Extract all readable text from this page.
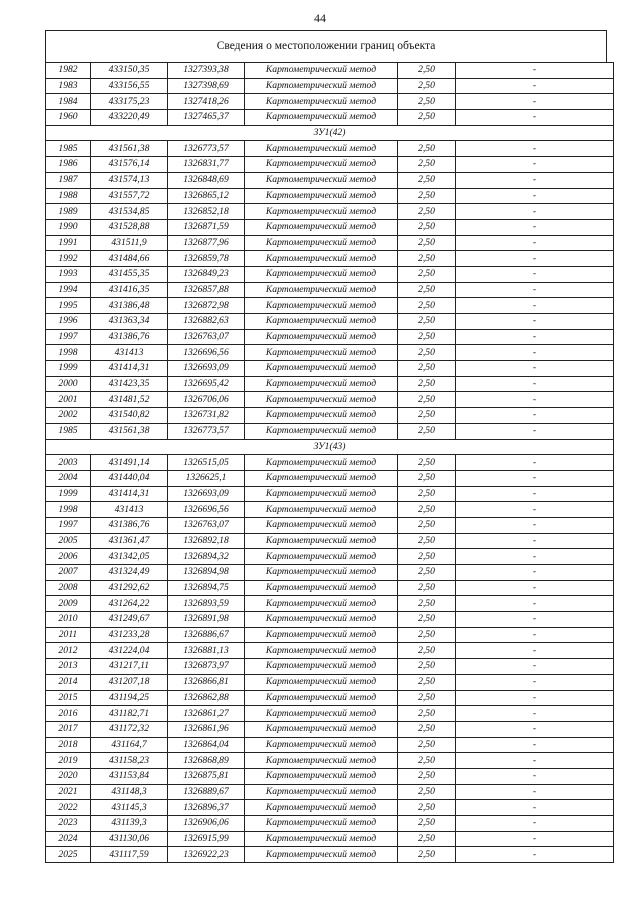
44
Сведения о местоположении границ объекта
1982	433150,35	1327393,38	Картометрический метод	2,50	-
1983	433156,55	1327398,69	Картометрический метод	2,50	-
1984	433175,23	1327418,26	Картометрический метод	2,50	-
1960	433220,49	1327465,37	Картометрический метод	2,50	-
ЗУ1(42)					
1985	431561,38	1326773,57	Картометрический метод	2,50	-
1986	431576,14	1326831,77	Картометрический метод	2,50	-
1987	431574,13	1326848,69	Картометрический метод	2,50	-
1988	431557,72	1326865,12	Картометрический метод	2,50	-
1989	431534,85	1326852,18	Картометрический метод	2,50	-
1990	431528,88	1326871,59	Картометрический метод	2,50	-
1991	431511,9	1326877,96	Картометрический метод	2,50	-
1992	431484,66	1326859,78	Картометрический метод	2,50	-
1993	431455,35	1326849,23	Картометрический метод	2,50	-
1994	431416,35	1326857,88	Картометрический метод	2,50	-
1995	431386,48	1326872,98	Картометрический метод	2,50	-
1996	431363,34	1326882,63	Картометрический метод	2,50	-
1997	431386,76	1326763,07	Картометрический метод	2,50	-
1998	431413	1326696,56	Картометрический метод	2,50	-
1999	431414,31	1326693,09	Картометрический метод	2,50	-
2000	431423,35	1326695,42	Картометрический метод	2,50	-
2001	431481,52	1326706,06	Картометрический метод	2,50	-
2002	431540,82	1326731,82	Картометрический метод	2,50	-
1985	431561,38	1326773,57	Картометрический метод	2,50	-
ЗУ1(43)					
2003	431491,14	1326515,05	Картометрический метод	2,50	-
2004	431440,04	1326625,1	Картометрический метод	2,50	-
1999	431414,31	1326693,09	Картометрический метод	2,50	-
1998	431413	1326696,56	Картометрический метод	2,50	-
1997	431386,76	1326763,07	Картометрический метод	2,50	-
2005	431361,47	1326892,18	Картометрический метод	2,50	-
2006	431342,05	1326894,32	Картометрический метод	2,50	-
2007	431324,49	1326894,98	Картометрический метод	2,50	-
2008	431292,62	1326894,75	Картометрический метод	2,50	-
2009	431264,22	1326893,59	Картометрический метод	2,50	-
2010	431249,67	1326891,98	Картометрический метод	2,50	-
2011	431233,28	1326886,67	Картометрический метод	2,50	-
2012	431224,04	1326881,13	Картометрический метод	2,50	-
2013	431217,11	1326873,97	Картометрический метод	2,50	-
2014	431207,18	1326866,81	Картометрический метод	2,50	-
2015	431194,25	1326862,88	Картометрический метод	2,50	-
2016	431182,71	1326861,27	Картометрический метод	2,50	-
2017	431172,32	1326861,96	Картометрический метод	2,50	-
2018	431164,7	1326864,04	Картометрический метод	2,50	-
2019	431158,23	1326868,89	Картометрический метод	2,50	-
2020	431153,84	1326875,81	Картометрический метод	2,50	-
2021	431148,3	1326889,67	Картометрический метод	2,50	-
2022	431145,3	1326896,37	Картометрический метод	2,50	-
2023	431139,3	1326906,06	Картометрический метод	2,50	-
2024	431130,06	1326915,99	Картометрический метод	2,50	-
2025	431117,59	1326922,23	Картометрический метод	2,50	-
